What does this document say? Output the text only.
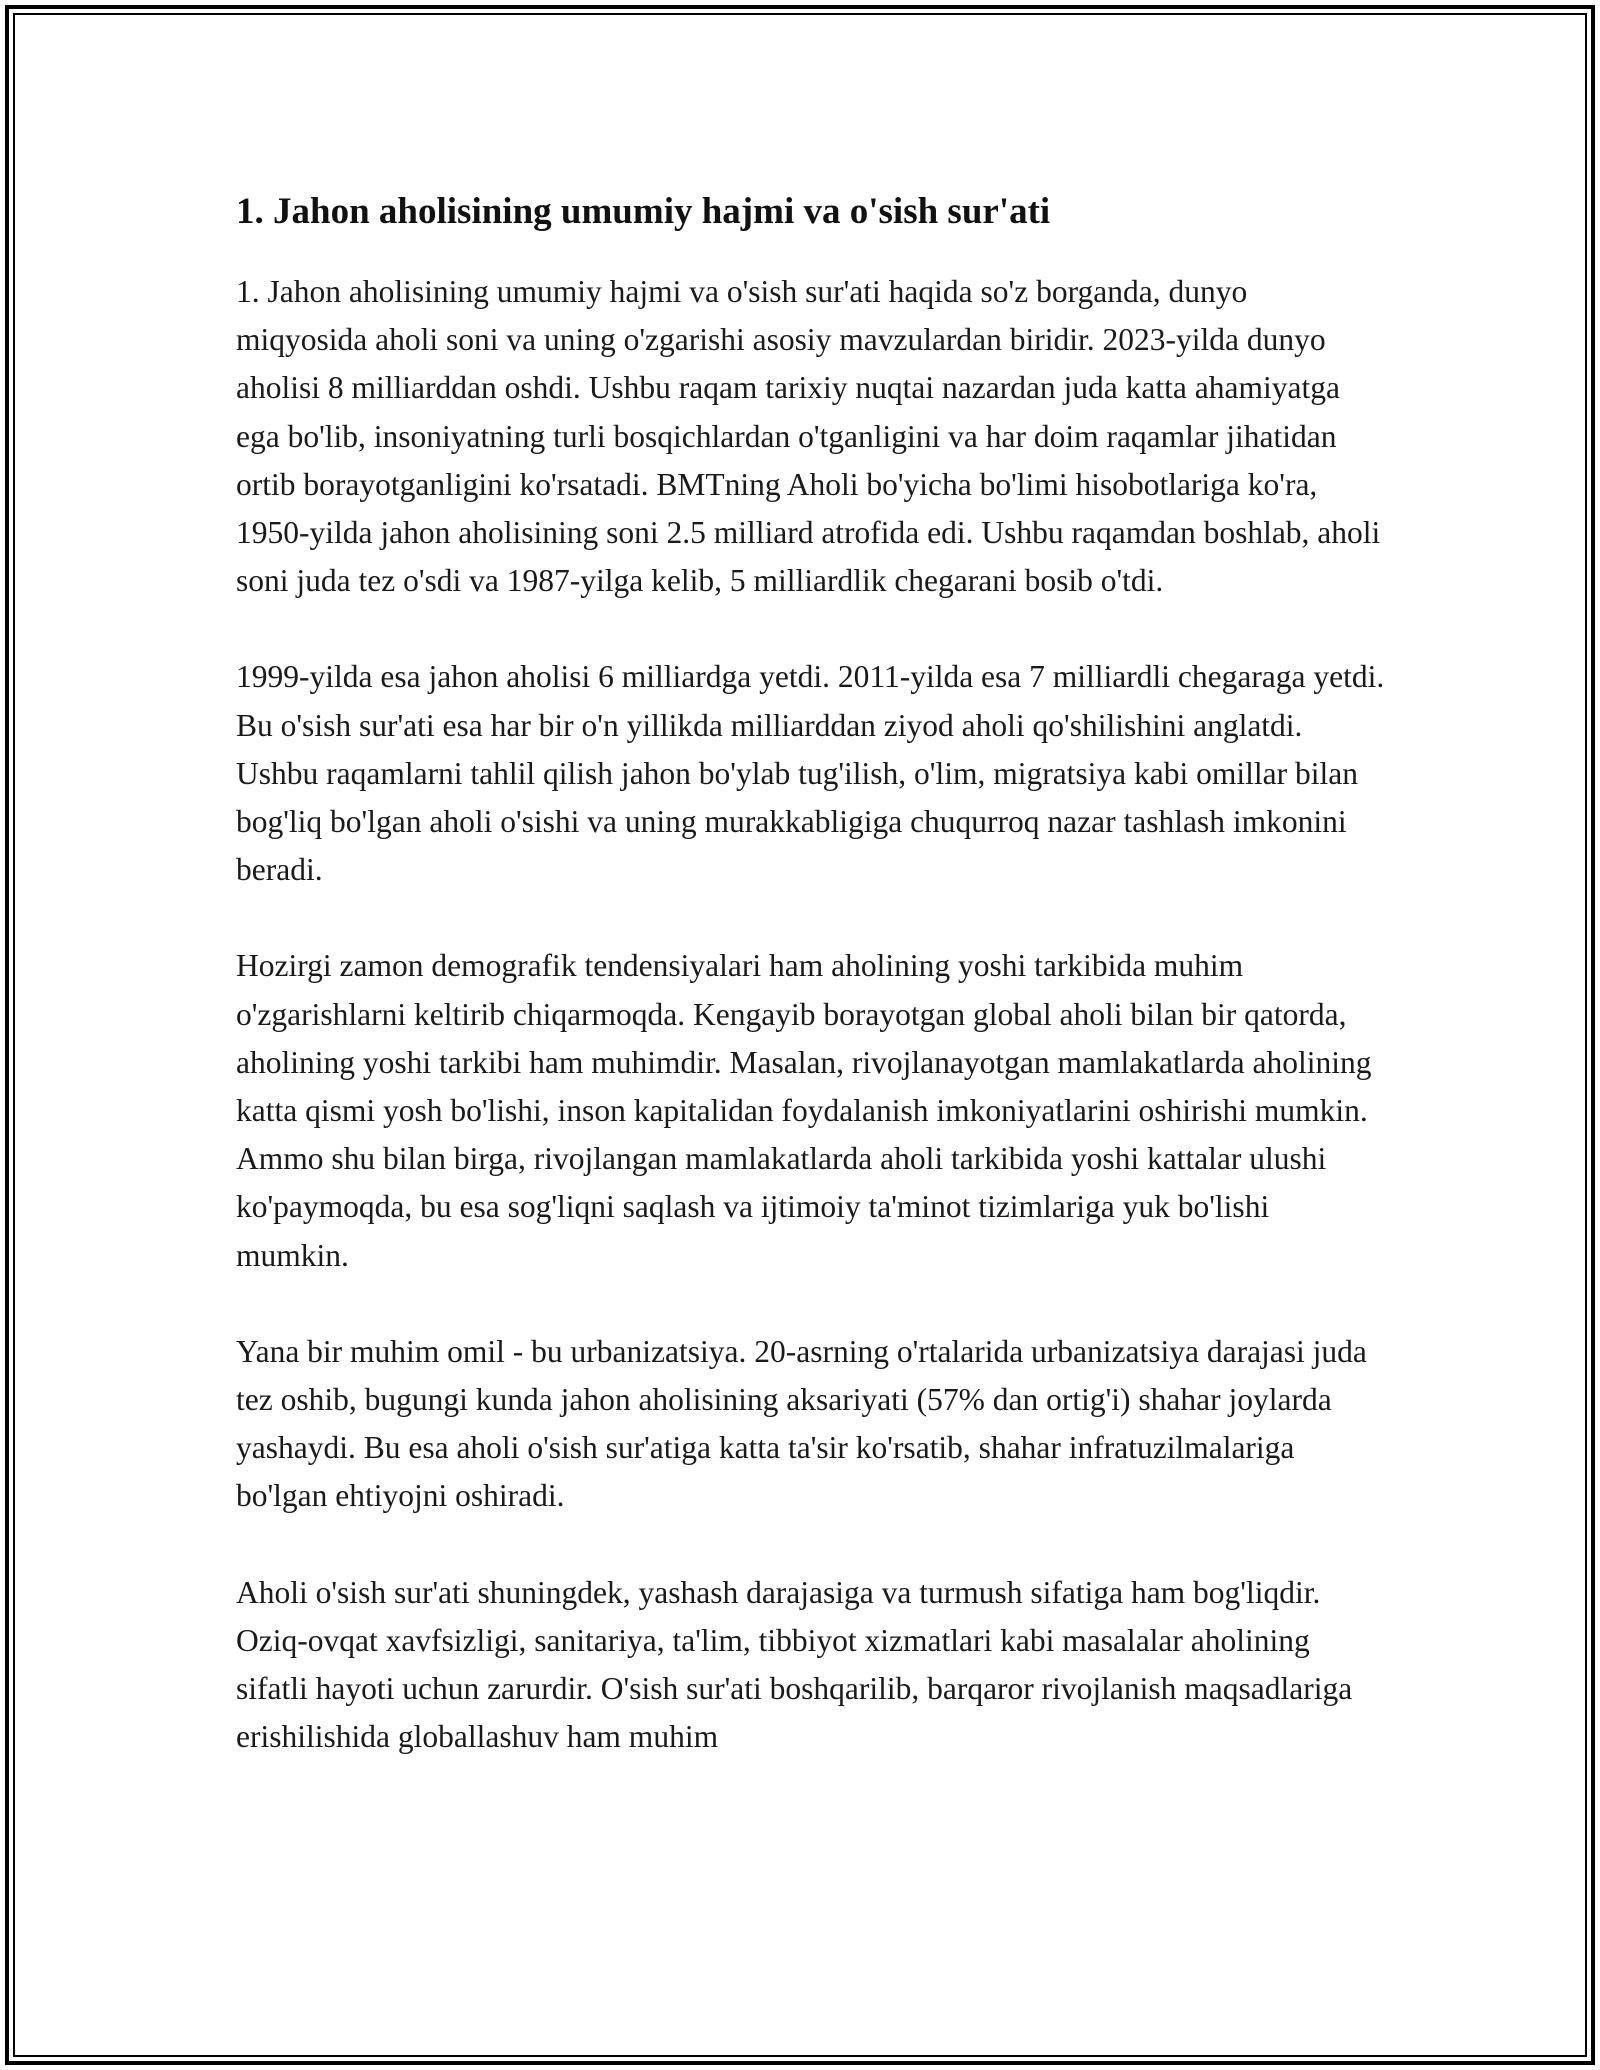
1. Jahon aholisining umumiy hajmi va o'sish sur'ati

1. Jahon aholisining umumiy hajmi va o'sish sur'ati haqida so'z borganda, dunyo miqyosida aholi soni va uning o'zgarishi asosiy mavzulardan biridir. 2023-yilda dunyo aholisi 8 milliarddan oshdi. Ushbu raqam tarixiy nuqtai nazardan juda katta ahamiyatga ega bo'lib, insoniyatning turli bosqichlardan o'tganligini va har doim raqamlar jihatidan ortib borayotganligini ko'rsatadi. BMTning Aholi bo'yicha bo'limi hisobotlariga ko'ra, 1950-yilda jahon aholisining soni 2.5 milliard atrofida edi. Ushbu raqamdan boshlab, aholi soni juda tez o'sdi va 1987-yilga kelib, 5 milliardlik chegarani bosib o'tdi.

1999-yilda esa jahon aholisi 6 milliardga yetdi. 2011-yilda esa 7 milliardli chegaraga yetdi. Bu o'sish sur'ati esa har bir o'n yillikda milliarddan ziyod aholi qo'shilishini anglatdi. Ushbu raqamlarni tahlil qilish jahon bo'ylab tug'ilish, o'lim, migratsiya kabi omillar bilan bog'liq bo'lgan aholi o'sishi va uning murakkabligiga chuqurroq nazar tashlash imkonini beradi.

Hozirgi zamon demografik tendensiyalari ham aholining yoshi tarkibida muhim o'zgarishlarni keltirib chiqarmoqda. Kengayib borayotgan global aholi bilan bir qatorda, aholining yoshi tarkibi ham muhimdir. Masalan, rivojlanayotgan mamlakatlarda aholining katta qismi yosh bo'lishi, inson kapitalidan foydalanish imkoniyatlarini oshirishi mumkin. Ammo shu bilan birga, rivojlangan mamlakatlarda aholi tarkibida yoshi kattalar ulushi ko'paymoqda, bu esa sog'liqni saqlash va ijtimoiy ta'minot tizimlariga yuk bo'lishi mumkin.

Yana bir muhim omil - bu urbanizatsiya. 20-asrning o'rtalarida urbanizatsiya darajasi juda tez oshib, bugungi kunda jahon aholisining aksariyati (57% dan ortig'i) shahar joylarda yashaydi. Bu esa aholi o'sish sur'atiga katta ta'sir ko'rsatib, shahar infratuzilmalariga bo'lgan ehtiyojni oshiradi.

Aholi o'sish sur'ati shuningdek, yashash darajasiga va turmush sifatiga ham bog'liqdir. Oziq-ovqat xavfsizligi, sanitariya, ta'lim, tibbiyot xizmatlari kabi masalalar aholining sifatli hayoti uchun zarurdir. O'sish sur'ati boshqarilib, barqaror rivojlanish maqsadlariga erishilishida globallashuv ham muhim
